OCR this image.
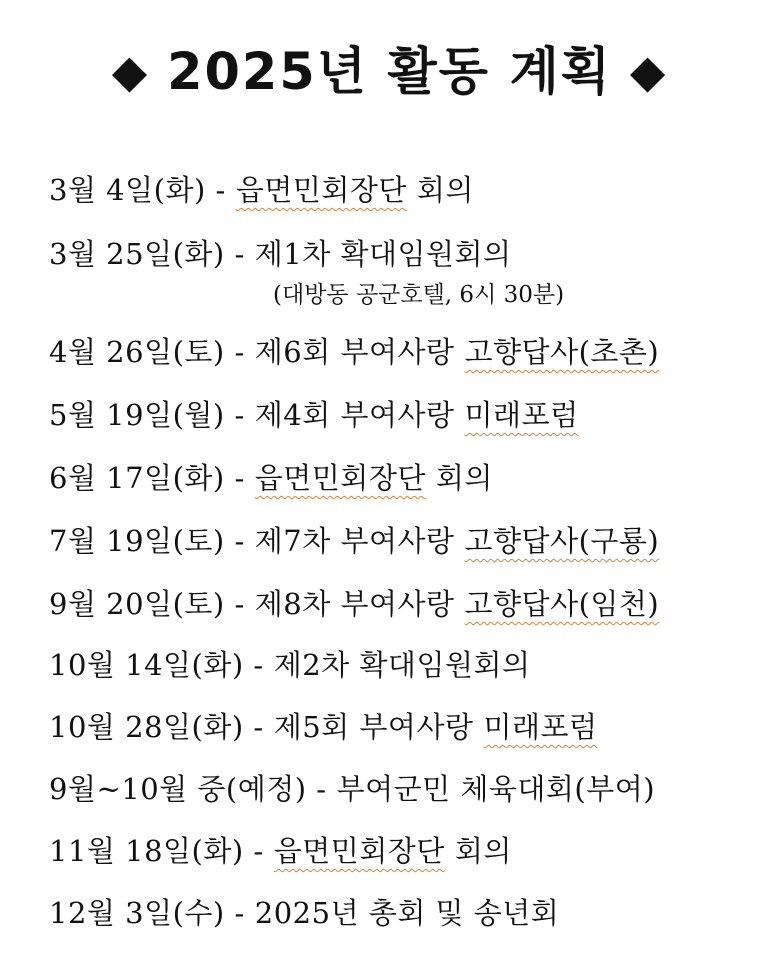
◆ 2025년 활동 계획 ◆
3월 4일(화) - 읍면민회장단 회의
3월 25일(화) - 제1차 확대임원회의
(대방동 공군호텔, 6시 30분)
4월 26일(토) - 제6회 부여사랑 고향답사(초촌)
5월 19일(월) - 제4회 부여사랑 미래포럼
6월 17일(화) - 읍면민회장단 회의
7월 19일(토) - 제7차 부여사랑 고향답사(구룡)
9월 20일(토) - 제8차 부여사랑 고향답사(임천)
10월 14일(화) - 제2차 확대임원회의
10월 28일(화) - 제5회 부여사랑 미래포럼
9월~10월 중(예정) - 부여군민 체육대회(부여)
11월 18일(화) - 읍면민회장단 회의
12월 3일(수) - 2025년 총회 및 송년회
